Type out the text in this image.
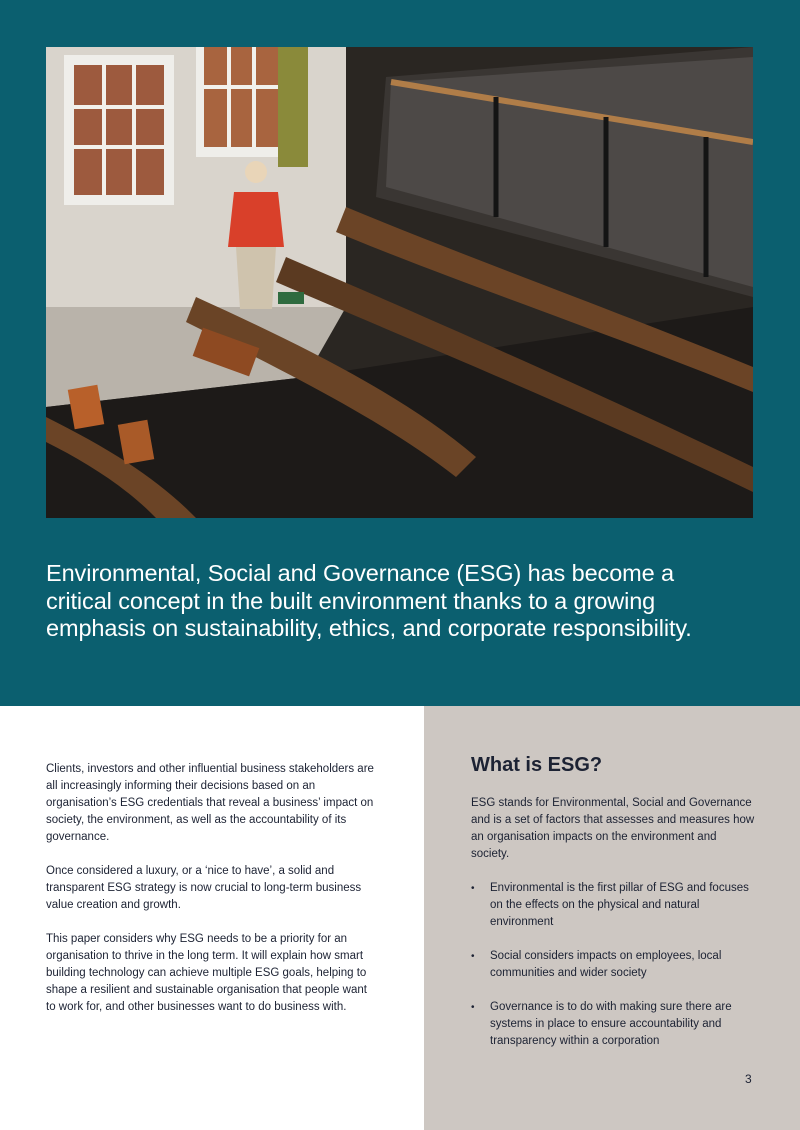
Environmental, Social and Governance (ESG) has become a critical concept in the built environment thanks to a growing emphasis on sustainability, ethics, and corporate responsibility.

Clients, investors and other influential business stakeholders are all increasingly informing their decisions based on an organisation’s ESG credentials that reveal a business’ impact on society, the environment, as well as the accountability of its governance.

Once considered a luxury, or a ‘nice to have’, a solid and transparent ESG strategy is now crucial to long-term business value creation and growth.

This paper considers why ESG needs to be a priority for an organisation to thrive in the long term. It will explain how smart building technology can achieve multiple ESG goals, helping to shape a resilient and sustainable organisation that people want to work for, and other businesses want to do business with.

What is ESG?

ESG stands for Environmental, Social and Governance and is a set of factors that assesses and measures how an organisation impacts on the environment and society.

• Environmental is the first pillar of ESG and focuses on the effects on the physical and natural environment
• Social considers impacts on employees, local communities and wider society
• Governance is to do with making sure there are systems in place to ensure accountability and transparency within a corporation
3
